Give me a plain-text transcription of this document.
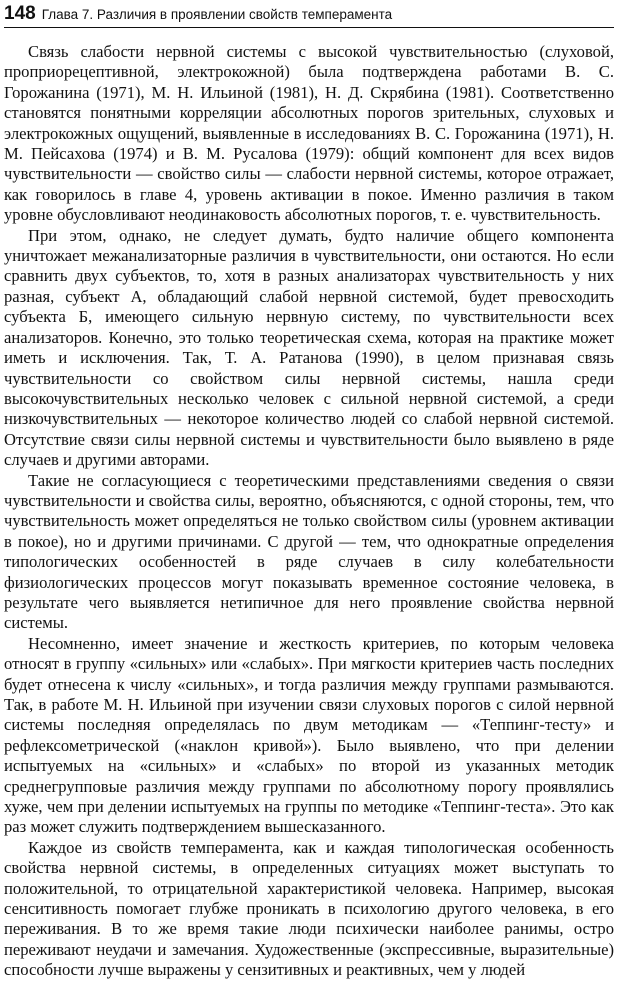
148 Глава 7. Различия в проявлении свойств темперамента

Связь слабости нервной системы с высокой чувствительностью (слуховой, проприорецептивной, электрокожной) была подтверждена работами В. С. Горожанина (1971), М. Н. Ильиной (1981), Н. Д. Скрябина (1981). Соответственно становятся понятными корреляции абсолютных порогов зрительных, слуховых и электрокожных ощущений, выявленные в исследованиях В. С. Горожанина (1971), Н. М. Пейсахова (1974) и В. М. Русалова (1979): общий компонент для всех видов чувствительности — свойство силы — слабости нервной системы, которое отражает, как говорилось в главе 4, уровень активации в покое. Именно различия в таком уровне обусловливают неодинаковость абсолютных порогов, т. е. чувствительность.

При этом, однако, не следует думать, будто наличие общего компонента уничтожает межанализаторные различия в чувствительности, они остаются. Но если сравнить двух субъектов, то, хотя в разных анализаторах чувствительность у них разная, субъект А, обладающий слабой нервной системой, будет превосходить субъекта Б, имеющего сильную нервную систему, по чувствительности всех анализаторов. Конечно, это только теоретическая схема, которая на практике может иметь и исключения. Так, Т. А. Ратанова (1990), в целом признавая связь чувствительности со свойством силы нервной системы, нашла среди высокочувствительных несколько человек с сильной нервной системой, а среди низкочувствительных — некоторое количество людей со слабой нервной системой. Отсутствие связи силы нервной системы и чувствительности было выявлено в ряде случаев и другими авторами.

Такие не согласующиеся с теоретическими представлениями сведения о связи чувствительности и свойства силы, вероятно, объясняются, с одной стороны, тем, что чувствительность может определяться не только свойством силы (уровнем активации в покое), но и другими причинами. С другой — тем, что однократные определения типологических особенностей в ряде случаев в силу колебательности физиологических процессов могут показывать временное состояние человека, в результате чего выявляется нетипичное для него проявление свойства нервной системы.

Несомненно, имеет значение и жесткость критериев, по которым человека относят в группу «сильных» или «слабых». При мягкости критериев часть последних будет отнесена к числу «сильных», и тогда различия между группами размываются. Так, в работе М. Н. Ильиной при изучении связи слуховых порогов с силой нервной системы последняя определялась по двум методикам — «Теппинг-тесту» и рефлексометрической («наклон кривой»). Было выявлено, что при делении испытуемых на «сильных» и «слабых» по второй из указанных методик среднегрупповые различия между группами по абсолютному порогу проявлялись хуже, чем при делении испытуемых на группы по методике «Теппинг-теста». Это как раз может служить подтверждением вышесказанного.

Каждое из свойств темперамента, как и каждая типологическая особенность свойства нервной системы, в определенных ситуациях может выступать то положительной, то отрицательной характеристикой человека. Например, высокая сенситивность помогает глубже проникать в психологию другого человека, в его переживания. В то же время такие люди психически наиболее ранимы, остро переживают неудачи и замечания. Художественные (экспрессивные, выразительные) способности лучше выражены у сензитивных и реактивных, чем у людей
